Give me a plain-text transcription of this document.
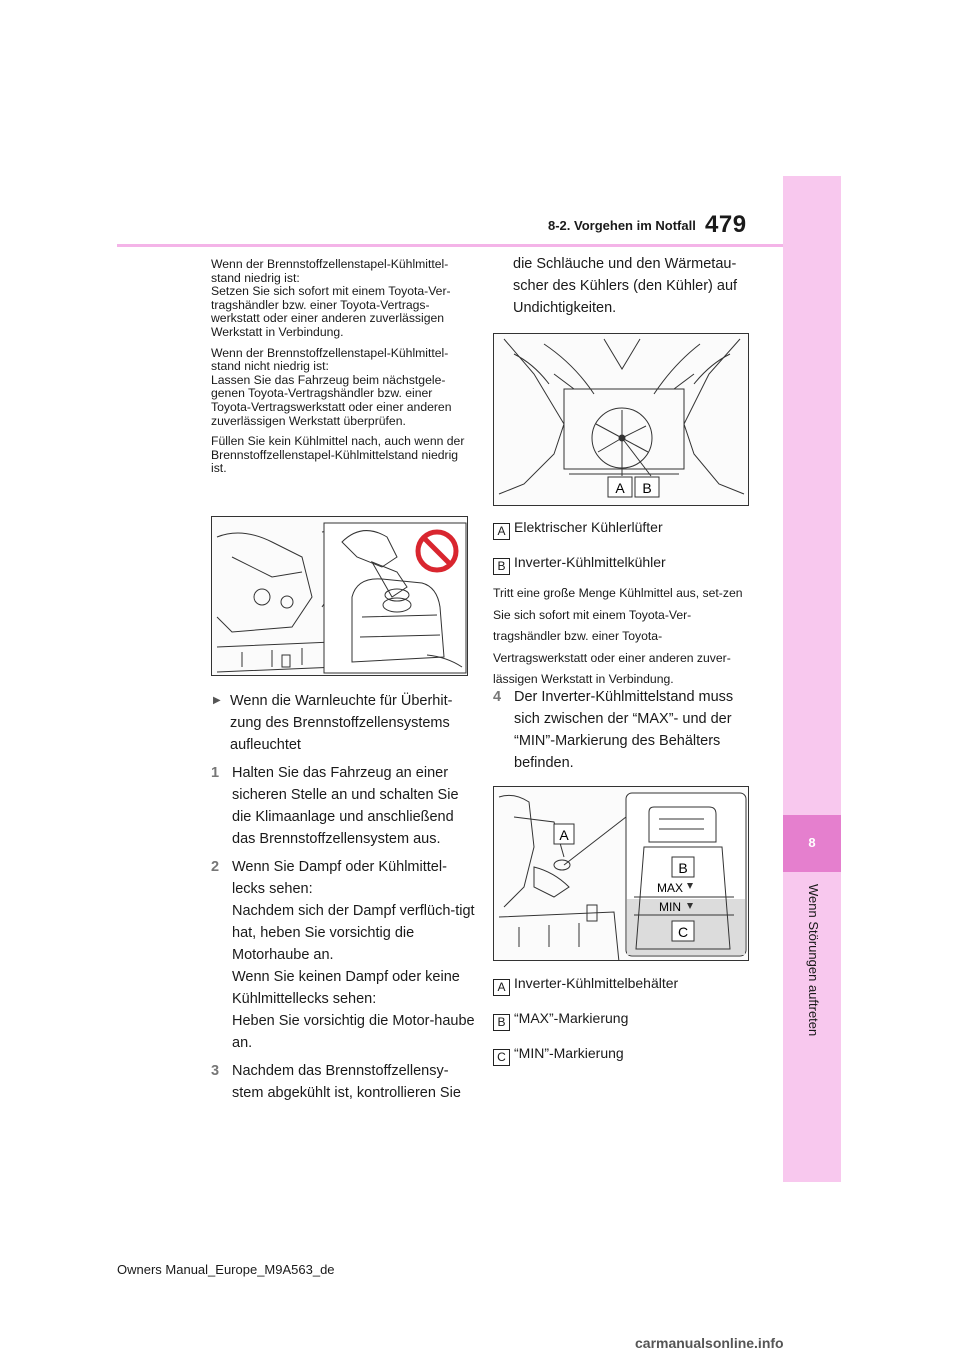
8-2. Vorgehen im Notfall 479
8
Wenn Störungen auftreten

Wenn der Brennstoffzellenstapel-Kühlmittel-stand niedrig ist:
Setzen Sie sich sofort mit einem Toyota-Ver-tragshändler bzw. einer Toyota-Vertrags-werkstatt oder einer anderen zuverlässigen Werkstatt in Verbindung.

Wenn der Brennstoffzellenstapel-Kühlmittel-stand nicht niedrig ist:
Lassen Sie das Fahrzeug beim nächstgele-genen Toyota-Vertragshändler bzw. einer Toyota-Vertragswerkstatt oder einer anderen zuverlässigen Werkstatt überprüfen.

Füllen Sie kein Kühlmittel nach, auch wenn der Brennstoffzellenstapel-Kühlmittelstand niedrig ist.

▶ Wenn die Warnleuchte für Überhit-zung des Brennstoffzellensystems aufleuchtet
1 Halten Sie das Fahrzeug an einer sicheren Stelle an und schalten Sie die Klimaanlage und anschließend das Brennstoffzellensystem aus.
2 Wenn Sie Dampf oder Kühlmittel-lecks sehen:
Nachdem sich der Dampf verflüch-tigt hat, heben Sie vorsichtig die Motorhaube an.
Wenn Sie keinen Dampf oder keine Kühlmittellecks sehen:
Heben Sie vorsichtig die Motor-haube an.
3 Nachdem das Brennstoffzellensy-stem abgekühlt ist, kontrollieren Sie
die Schläuche und den Wärmetau-scher des Kühlers (den Kühler) auf Undichtigkeiten.
A B
A Elektrischer Kühlerlüfter
B Inverter-Kühlmittelkühler
Tritt eine große Menge Kühlmittel aus, set-zen Sie sich sofort mit einem Toyota-Ver-tragshändler bzw. einer Toyota-Vertragswerkstatt oder einer anderen zuver-lässigen Werkstatt in Verbindung.
4 Der Inverter-Kühlmittelstand muss sich zwischen der “MAX”- und der “MIN”-Markierung des Behälters befinden.
A
B
MAX
MIN
C
A Inverter-Kühlmittelbehälter
B “MAX”-Markierung
C “MIN”-Markierung
Owners Manual_Europe_M9A563_de
carmanualsonline.info
